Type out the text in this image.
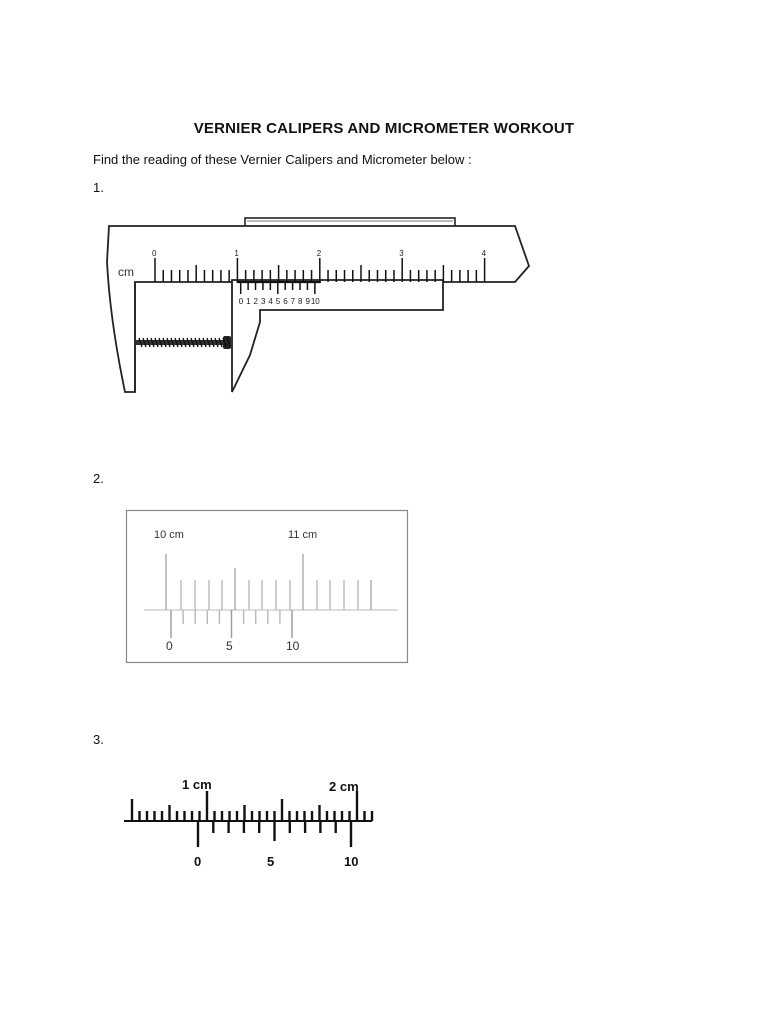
VERNIER CALIPERS AND MICROMETER WORKOUT
Find the reading of these Vernier Calipers and Micrometer below :
1.
0	1	2	3	4
0 1 2 3 4 5 6 7 8 9 10
cm
2.
10 cm	11 cm
0	5	10
3.
1 cm	2 cm
0	5	10
